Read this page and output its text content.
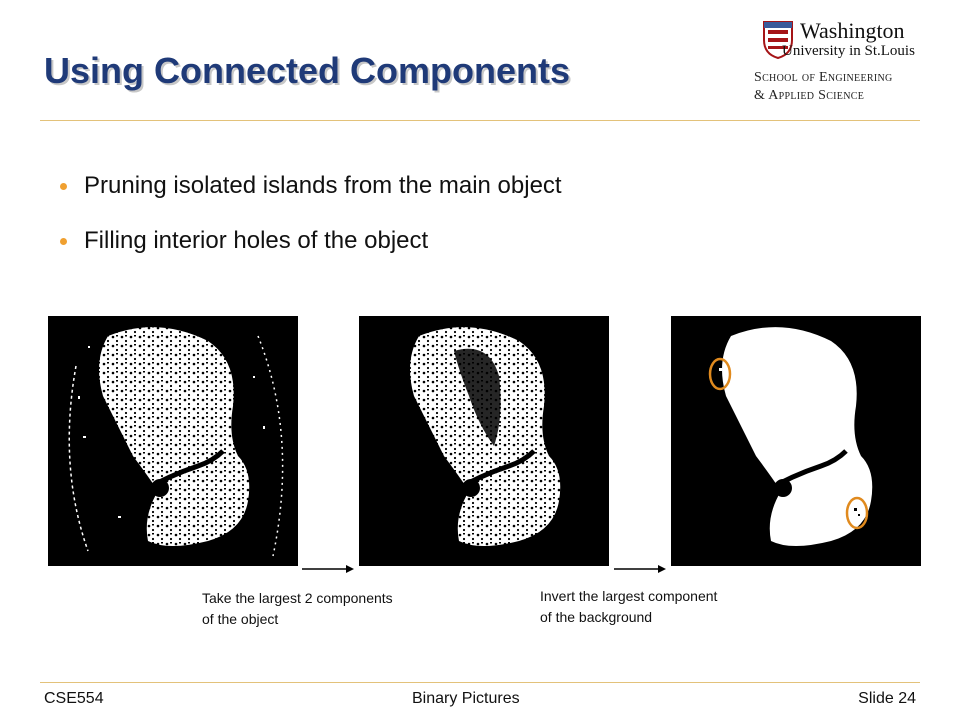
Using Connected Components
Washington
University in St.Louis
School of Engineering
& Applied Science
Pruning isolated islands from the main object
Filling interior holes of the object
Take the largest 2 components
of the object
Invert the largest component
of the background
CSE554	Binary Pictures	Slide 24
